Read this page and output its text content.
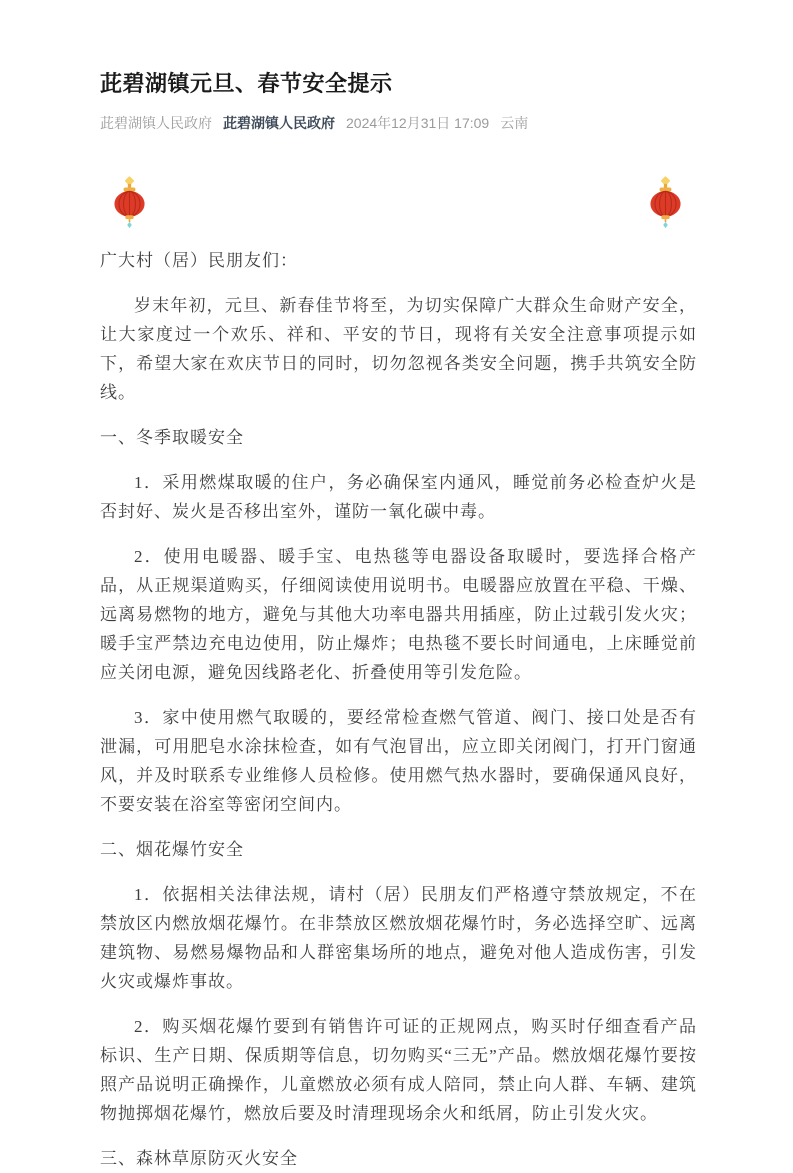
茈碧湖镇元旦、春节安全提示
茈碧湖镇人民政府 茈碧湖镇人民政府 2024年12月31日 17:09 云南
广大村（居）民朋友们：

岁末年初，元旦、新春佳节将至，为切实保障广大群众生命财产安全，让大家度过一个欢乐、祥和、平安的节日，现将有关安全注意事项提示如下，希望大家在欢庆节日的同时，切勿忽视各类安全问题，携手共筑安全防线。

一、冬季取暖安全

1．采用燃煤取暖的住户，务必确保室内通风，睡觉前务必检查炉火是否封好、炭火是否移出室外，谨防一氧化碳中毒。

2．使用电暖器、暖手宝、电热毯等电器设备取暖时，要选择合格产品，从正规渠道购买，仔细阅读使用说明书。电暖器应放置在平稳、干燥、远离易燃物的地方，避免与其他大功率电器共用插座，防止过载引发火灾；暖手宝严禁边充电边使用，防止爆炸；电热毯不要长时间通电，上床睡觉前应关闭电源，避免因线路老化、折叠使用等引发危险。

3．家中使用燃气取暖的，要经常检查燃气管道、阀门、接口处是否有泄漏，可用肥皂水涂抹检查，如有气泡冒出，应立即关闭阀门，打开门窗通风，并及时联系专业维修人员检修。使用燃气热水器时，要确保通风良好，不要安装在浴室等密闭空间内。

二、烟花爆竹安全

1．依据相关法律法规，请村（居）民朋友们严格遵守禁放规定，不在禁放区内燃放烟花爆竹。在非禁放区燃放烟花爆竹时，务必选择空旷、远离建筑物、易燃易爆物品和人群密集场所的地点，避免对他人造成伤害，引发火灾或爆炸事故。

2．购买烟花爆竹要到有销售许可证的正规网点，购买时仔细查看产品标识、生产日期、保质期等信息，切勿购买“三无”产品。燃放烟花爆竹要按照产品说明正确操作，儿童燃放必须有成人陪同，禁止向人群、车辆、建筑物抛掷烟花爆竹，燃放后要及时清理现场余火和纸屑，防止引发火灾。

三、森林草原防灭火安全
